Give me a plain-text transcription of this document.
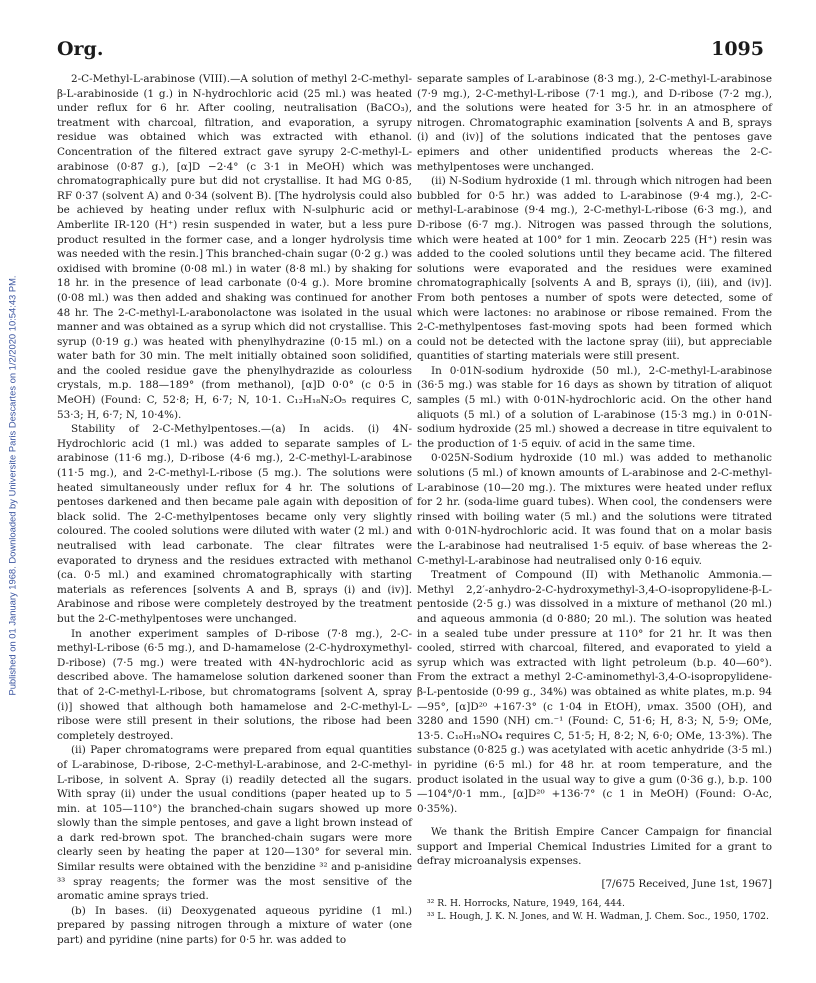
Org.	1095
Published on 01 January 1968. Downloaded by Universite Paris Descartes on 1/2/2020 10:54:43 PM.

2-C-Methyl-L-arabinose (VIII).—A solution of methyl 2-C-methyl-β-L-arabinoside (1 g.) in N-hydrochloric acid (25 ml.) was heated under reflux for 6 hr. After cooling, neutralisation (BaCO₃), treatment with charcoal, filtration, and evaporation, a syrupy residue was obtained which was extracted with ethanol. Concentration of the filtered extract gave syrupy 2-C-methyl-L-arabinose (0·87 g.), [α]D −2·4° (c 3·1 in MeOH) which was chromatographically pure but did not crystallise. It had MG 0·85, RF 0·37 (solvent A) and 0·34 (solvent B). [The hydrolysis could also be achieved by heating under reflux with N-sulphuric acid or Amberlite IR-120 (H⁺) resin suspended in water, but a less pure product resulted in the former case, and a longer hydrolysis time was needed with the resin.] This branched-chain sugar (0·2 g.) was oxidised with bromine (0·08 ml.) in water (8·8 ml.) by shaking for 18 hr. in the presence of lead carbonate (0·4 g.). More bromine (0·08 ml.) was then added and shaking was continued for another 48 hr. The 2-C-methyl-L-arabonolactone was isolated in the usual manner and was obtained as a syrup which did not crystallise. This syrup (0·19 g.) was heated with phenylhydrazine (0·15 ml.) on a water bath for 30 min. The melt initially obtained soon solidified, and the cooled residue gave the phenylhydrazide as colourless crystals, m.p. 188—189° (from methanol), [α]D 0·0° (c 0·5 in MeOH) (Found: C, 52·8; H, 6·7; N, 10·1. C₁₂H₁₈N₂O₅ requires C, 53·3; H, 6·7; N, 10·4%).

Stability of 2-C-Methylpentoses.—(a) In acids. (i) 4N-Hydrochloric acid (1 ml.) was added to separate samples of L-arabinose (11·6 mg.), D-ribose (4·6 mg.), 2-C-methyl-L-arabinose (11·5 mg.), and 2-C-methyl-L-ribose (5 mg.). The solutions were heated simultaneously under reflux for 4 hr. The solutions of pentoses darkened and then became pale again with deposition of black solid. The 2-C-methylpentoses became only very slightly coloured. The cooled solutions were diluted with water (2 ml.) and neutralised with lead carbonate. The clear filtrates were evaporated to dryness and the residues extracted with methanol (ca. 0·5 ml.) and examined chromatographically with starting materials as references [solvents A and B, sprays (i) and (iv)]. Arabinose and ribose were completely destroyed by the treatment but the 2-C-methylpentoses were unchanged.

In another experiment samples of D-ribose (7·8 mg.), 2-C-methyl-L-ribose (6·5 mg.), and D-hamamelose (2-C-hydroxymethyl-D-ribose) (7·5 mg.) were treated with 4N-hydrochloric acid as described above. The hamamelose solution darkened sooner than that of 2-C-methyl-L-ribose, but chromatograms [solvent A, spray (i)] showed that although both hamamelose and 2-C-methyl-L-ribose were still present in their solutions, the ribose had been completely destroyed.

(ii) Paper chromatograms were prepared from equal quantities of L-arabinose, D-ribose, 2-C-methyl-L-arabinose, and 2-C-methyl-L-ribose, in solvent A. Spray (i) readily detected all the sugars. With spray (ii) under the usual conditions (paper heated up to 5 min. at 105—110°) the branched-chain sugars showed up more slowly than the simple pentoses, and gave a light brown instead of a dark red-brown spot. The branched-chain sugars were more clearly seen by heating the paper at 120—130° for several min. Similar results were obtained with the benzidine ³² and p-anisidine ³³ spray reagents; the former was the most sensitive of the aromatic amine sprays tried.

(b) In bases. (ii) Deoxygenated aqueous pyridine (1 ml.) prepared by passing nitrogen through a mixture of water (one part) and pyridine (nine parts) for 0·5 hr. was added to

separate samples of L-arabinose (8·3 mg.), 2-C-methyl-L-arabinose (7·9 mg.), 2-C-methyl-L-ribose (7·1 mg.), and D-ribose (7·2 mg.), and the solutions were heated for 3·5 hr. in an atmosphere of nitrogen. Chromatographic examination [solvents A and B, sprays (i) and (iv)] of the solutions indicated that the pentoses gave epimers and other unidentified products whereas the 2-C-methylpentoses were unchanged.

(ii) N-Sodium hydroxide (1 ml. through which nitrogen had been bubbled for 0·5 hr.) was added to L-arabinose (9·4 mg.), 2-C-methyl-L-arabinose (9·4 mg.), 2-C-methyl-L-ribose (6·3 mg.), and D-ribose (6·7 mg.). Nitrogen was passed through the solutions, which were heated at 100° for 1 min. Zeocarb 225 (H⁺) resin was added to the cooled solutions until they became acid. The filtered solutions were evaporated and the residues were examined chromatographically [solvents A and B, sprays (i), (iii), and (iv)]. From both pentoses a number of spots were detected, some of which were lactones: no arabinose or ribose remained. From the 2-C-methylpentoses fast-moving spots had been formed which could not be detected with the lactone spray (iii), but appreciable quantities of starting materials were still present.

In 0·01N-sodium hydroxide (50 ml.), 2-C-methyl-L-arabinose (36·5 mg.) was stable for 16 days as shown by titration of aliquot samples (5 ml.) with 0·01N-hydrochloric acid. On the other hand aliquots (5 ml.) of a solution of L-arabinose (15·3 mg.) in 0·01N-sodium hydroxide (25 ml.) showed a decrease in titre equivalent to the production of 1·5 equiv. of acid in the same time.

0·025N-Sodium hydroxide (10 ml.) was added to methanolic solutions (5 ml.) of known amounts of L-arabinose and 2-C-methyl-L-arabinose (10—20 mg.). The mixtures were heated under reflux for 2 hr. (soda-lime guard tubes). When cool, the condensers were rinsed with boiling water (5 ml.) and the solutions were titrated with 0·01N-hydrochloric acid. It was found that on a molar basis the L-arabinose had neutralised 1·5 equiv. of base whereas the 2-C-methyl-L-arabinose had neutralised only 0·16 equiv.

Treatment of Compound (II) with Methanolic Ammonia.—Methyl 2,2′-anhydro-2-C-hydroxymethyl-3,4-O-isopropylidene-β-L-pentoside (2·5 g.) was dissolved in a mixture of methanol (20 ml.) and aqueous ammonia (d 0·880; 20 ml.). The solution was heated in a sealed tube under pressure at 110° for 21 hr. It was then cooled, stirred with charcoal, filtered, and evaporated to yield a syrup which was extracted with light petroleum (b.p. 40—60°). From the extract a methyl 2-C-aminomethyl-3,4-O-isopropylidene-β-L-pentoside (0·99 g., 34%) was obtained as white plates, m.p. 94—95°, [α]D²⁰ +167·3° (c 1·04 in EtOH), νmax. 3500 (OH), and 3280 and 1590 (NH) cm.⁻¹ (Found: C, 51·6; H, 8·3; N, 5·9; OMe, 13·5. C₁₀H₁₉NO₄ requires C, 51·5; H, 8·2; N, 6·0; OMe, 13·3%). The substance (0·825 g.) was acetylated with acetic anhydride (3·5 ml.) in pyridine (6·5 ml.) for 48 hr. at room temperature, and the product isolated in the usual way to give a gum (0·36 g.), b.p. 100—104°/0·1 mm., [α]D²⁰ +136·7° (c 1 in MeOH) (Found: O-Ac, 0·35%).

We thank the British Empire Cancer Campaign for financial support and Imperial Chemical Industries Limited for a grant to defray microanalysis expenses.

[7/675 Received, June 1st, 1967]

³² R. H. Horrocks, Nature, 1949, 164, 444.

³³ L. Hough, J. K. N. Jones, and W. H. Wadman, J. Chem. Soc., 1950, 1702.
